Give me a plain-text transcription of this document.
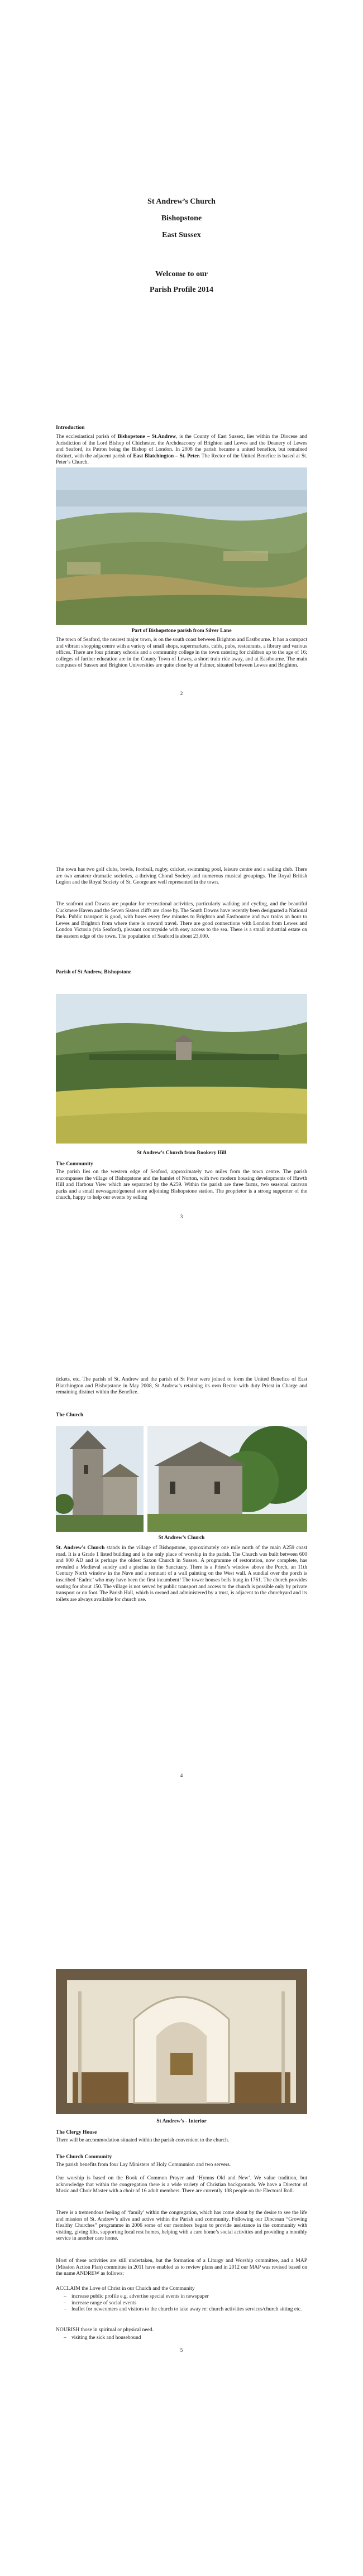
St Andrew’s Church
Bishopstone
East Sussex
Welcome to our
Parish Profile 2014
Introduction

The ecclesiastical parish of Bishopstone – St.Andrew, is the County of East Sussex, lies within the Diocese and Jurisdiction of the Lord Bishop of Chichester, the Archdeaconry of Brighton and Lewes and the Deanery of Lewes and Seaford, its Patron being the Bishop of London. In 2008 the parish became a united benefice, but remained distinct, with the adjacent parish of East Blatchington – St. Peter. The Rector of the United Benefice is based at St. Peter’s Church.

Part of Bishopstone parish from Silver Lane

The town of Seaford, the nearest major town, is on the south coast between Brighton and Eastbourne. It has a compact and vibrant shopping centre with a variety of small shops, supermarkets, cafés, pubs, restaurants, a library and various offices. There are four primary schools and a community college in the town catering for children up to the age of 16; colleges of further education are in the County Town of Lewes, a short train ride away, and at Eastbourne. The main campuses of Sussex and Brighton Universities are quite close by at Falmer, situated between Lewes and Brighton.

2

The town has two golf clubs, bowls, football, rugby, cricket, swimming pool, leisure centre and a sailing club. There are two amateur dramatic societies, a thriving Choral Society and numerous musical groupings. The Royal British Legion and the Royal Society of St. George are well represented in the town.

The seafront and Downs are popular for recreational activities, particularly walking and cycling, and the beautiful Cuckmere Haven and the Seven Sisters cliffs are close by. The South Downs have recently been designated a National Park. Public transport is good, with buses every few minutes to Brighton and Eastbourne and two trains an hour to Lewes and Brighton from where there is onward travel. There are good connections with London from Lewes and London Victoria (via Seaford), pleasant countryside with easy access to the sea. There is a small industrial estate on the eastern edge of the town. The population of Seaford is about 23,000.

Parish of St Andrew, Bishopstone
St Andrew’s Church from Rookery Hill
The Community

The parish lies on the western edge of Seaford, approximately two miles from the town centre. The parish encompasses the village of Bishopstone and the hamlet of Norton, with two modern housing developments of Hawth Hill and Harbour View which are separated by the A259. Within the parish are three farms, two seasonal caravan parks and a small newsagent/general store adjoining Bishopstone station. The proprietor is a strong supporter of the church, happy to help our events by selling

3

tickets, etc. The parish of St. Andrew and the parish of St Peter were joined to form the United Benefice of East Blatchington and Bishopstone in May 2008, St Andrew’s retaining its own Rector with duty Priest in Charge and remaining distinct within the Benefice.

The Church
St Andrew’s Church

St. Andrew’s Church stands in the village of Bishopstone, approximately one mile north of the main A259 coast road. It is a Grade 1 listed building and is the only place of worship in the parish. The Church was built between 600 and 900 AD and is perhaps the oldest Saxon Church in Sussex. A programme of restoration, now complete, has revealed a Medieval sundry and a piscina in the Sanctuary. There is a Priest’s window above the Porch, an 11th Century North window in the Nave and a remnant of a wall painting on the West wall. A sundial over the porch is inscribed ‘Eadric’ who may have been the first incumbent! The tower houses bells hung in 1761. The church provides seating for about 150. The village is not served by public transport and access to the church is possible only by private transport or on foot. The Parish Hall, which is owned and administered by a trust, is adjacent to the churchyard and its toilets are always available for church use.

4
St Andrew’s - Interior
The Clergy House

There will be accommodation situated within the parish convenient to the church.

The Church Community

The parish benefits from four Lay Ministers of Holy Communion and two servers.

Our worship is based on the Book of Common Prayer and ‘Hymns Old and New’. We value tradition, but acknowledge that within the congregation there is a wide variety of Christian backgrounds. We have a Director of Music and Choir Master with a choir of 16 adult members. There are currently 108 people on the Electoral Roll.

There is a tremendous feeling of ‘family’ within the congregation, which has come about by the desire to see the life and mission of St. Andrew’s alive and active within the Parish and community. Following our Diocesan “Growing Healthy Churches” programme in 2006 some of our members began to provide assistance in the community with visiting, giving lifts, supporting local rest homes, helping with a care home’s social activities and providing a monthly service in another care home.

Most of these activities are still undertaken, but the formation of a Liturgy and Worship committee, and a MAP (Mission Action Plan) committee in 2011 have enabled us to review plans and in 2012 our MAP was revised based on the name ANDREW as follows:

ACCLAIM the Love of Christ in our Church and the Community

– increase public profile e.g. advertise special events in newspaper
– increase range of social events
– leaflet for newcomers and visitors to the church to take away re: church activities services/church sitting etc.

NOURISH those in spiritual or physical need.

– visiting the sick and housebound
5
